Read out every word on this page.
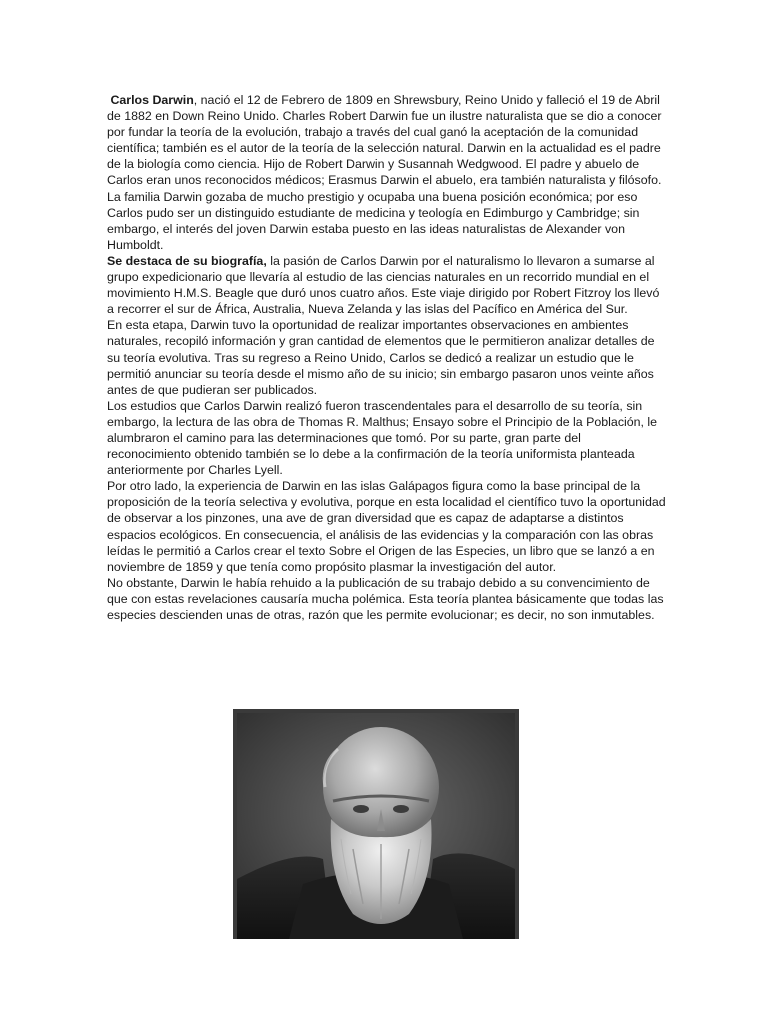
Carlos Darwin, nació el 12 de Febrero de 1809 en Shrewsbury, Reino Unido y falleció el 19 de Abril de 1882 en Down Reino Unido. Charles Robert Darwin fue un ilustre naturalista que se dio a conocer por fundar la teoría de la evolución, trabajo a través del cual ganó la aceptación de la comunidad científica; también es el autor de la teoría de la selección natural. Darwin en la actualidad es el padre de la biología como ciencia. Hijo de Robert Darwin y Susannah Wedgwood. El padre y abuelo de Carlos eran unos reconocidos médicos; Erasmus Darwin el abuelo, era también naturalista y filósofo.

La familia Darwin gozaba de mucho prestigio y ocupaba una buena posición económica; por eso Carlos pudo ser un distinguido estudiante de medicina y teología en Edimburgo y Cambridge; sin embargo, el interés del joven Darwin estaba puesto en las ideas naturalistas de Alexander von Humboldt.

Se destaca de su biografía, la pasión de Carlos Darwin por el naturalismo lo llevaron a sumarse al grupo expedicionario que llevaría al estudio de las ciencias naturales en un recorrido mundial en el movimiento H.M.S. Beagle que duró unos cuatro años. Este viaje dirigido por Robert Fitzroy los llevó a recorrer el sur de África, Australia, Nueva Zelanda y las islas del Pacífico en América del Sur.

En esta etapa, Darwin tuvo la oportunidad de realizar importantes observaciones en ambientes naturales, recopiló información y gran cantidad de elementos que le permitieron analizar detalles de su teoría evolutiva. Tras su regreso a Reino Unido, Carlos se dedicó a realizar un estudio que le permitió anunciar su teoría desde el mismo año de su inicio; sin embargo pasaron unos veinte años antes de que pudieran ser publicados.

Los estudios que Carlos Darwin realizó fueron trascendentales para el desarrollo de su teoría, sin embargo, la lectura de las obra de Thomas R. Malthus; Ensayo sobre el Principio de la Población, le alumbraron el camino para las determinaciones que tomó. Por su parte, gran parte del reconocimiento obtenido también se lo debe a la confirmación de la teoría uniformista planteada anteriormente por Charles Lyell.

Por otro lado, la experiencia de Darwin en las islas Galápagos figura como la base principal de la proposición de la teoría selectiva y evolutiva, porque en esta localidad el científico tuvo la oportunidad de observar a los pinzones, una ave de gran diversidad que es capaz de adaptarse a distintos espacios ecológicos. En consecuencia, el análisis de las evidencias y la comparación con las obras leídas le permitió a Carlos crear el texto Sobre el Origen de las Especies, un libro que se lanzó a en noviembre de 1859 y que tenía como propósito plasmar la investigación del autor.

No obstante, Darwin le había rehuido a la publicación de su trabajo debido a su convencimiento de que con estas revelaciones causaría mucha polémica. Esta teoría plantea básicamente que todas las especies descienden unas de otras, razón que les permite evolucionar; es decir, no son inmutables.
